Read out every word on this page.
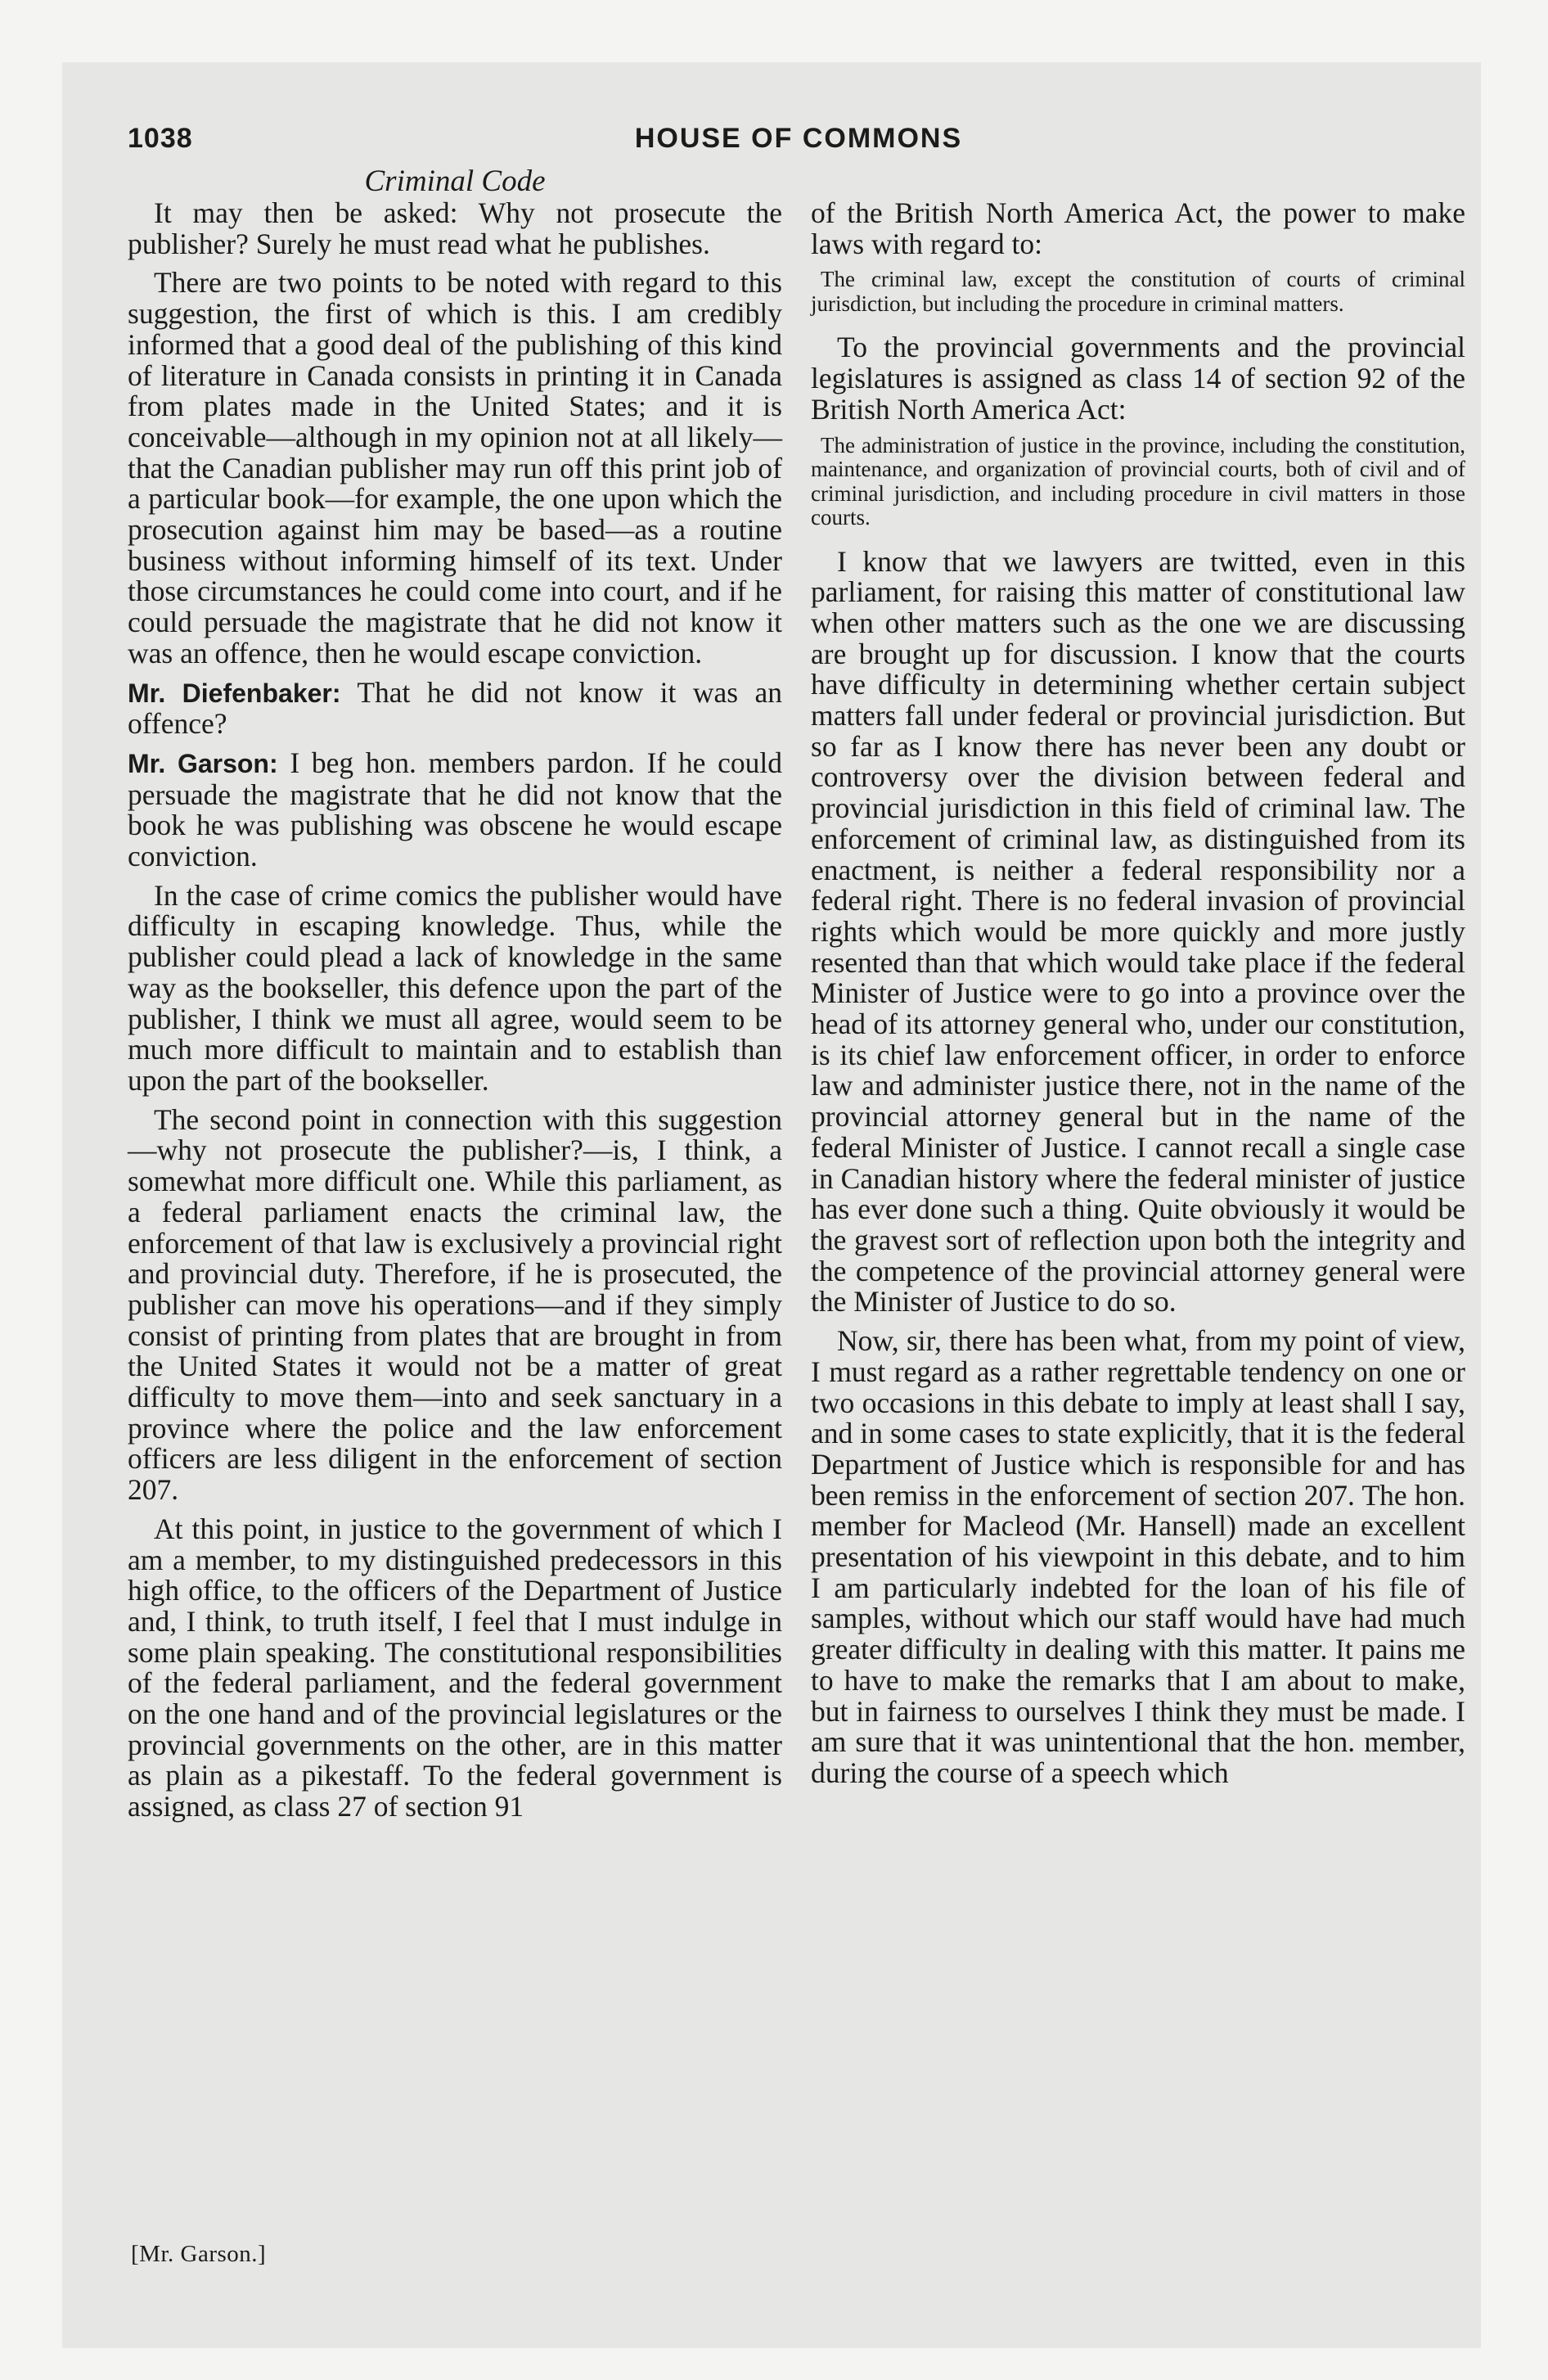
1038	HOUSE OF COMMONS
Criminal Code

It may then be asked: Why not prosecute the publisher? Surely he must read what he publishes.

There are two points to be noted with regard to this suggestion, the first of which is this. I am credibly informed that a good deal of the publishing of this kind of literature in Canada consists in printing it in Canada from plates made in the United States; and it is conceivable—although in my opinion not at all likely—that the Canadian publisher may run off this print job of a particular book—for example, the one upon which the prosecution against him may be based—as a routine business without informing himself of its text. Under those circumstances he could come into court, and if he could persuade the magistrate that he did not know it was an offence, then he would escape conviction.

Mr. Diefenbaker: That he did not know it was an offence?

Mr. Garson: I beg hon. members pardon. If he could persuade the magistrate that he did not know that the book he was publishing was obscene he would escape conviction.

In the case of crime comics the publisher would have difficulty in escaping knowledge. Thus, while the publisher could plead a lack of knowledge in the same way as the bookseller, this defence upon the part of the publisher, I think we must all agree, would seem to be much more difficult to maintain and to establish than upon the part of the bookseller.

The second point in connection with this suggestion—why not prosecute the publisher?—is, I think, a somewhat more difficult one. While this parliament, as a federal parliament enacts the criminal law, the enforcement of that law is exclusively a provincial right and provincial duty. Therefore, if he is prosecuted, the publisher can move his operations—and if they simply consist of printing from plates that are brought in from the United States it would not be a matter of great difficulty to move them—into and seek sanctuary in a province where the police and the law enforcement officers are less diligent in the enforcement of section 207.

At this point, in justice to the government of which I am a member, to my distinguished predecessors in this high office, to the officers of the Department of Justice and, I think, to truth itself, I feel that I must indulge in some plain speaking. The constitutional responsibilities of the federal parliament, and the federal government on the one hand and of the provincial legislatures or the provincial governments on the other, are in this matter as plain as a pikestaff. To the federal government is assigned, as class 27 of section 91

of the British North America Act, the power to make laws with regard to:

The criminal law, except the constitution of courts of criminal jurisdiction, but including the procedure in criminal matters.

To the provincial governments and the provincial legislatures is assigned as class 14 of section 92 of the British North America Act:

The administration of justice in the province, including the constitution, maintenance, and organization of provincial courts, both of civil and of criminal jurisdiction, and including procedure in civil matters in those courts.

I know that we lawyers are twitted, even in this parliament, for raising this matter of constitutional law when other matters such as the one we are discussing are brought up for discussion. I know that the courts have difficulty in determining whether certain subject matters fall under federal or provincial jurisdiction. But so far as I know there has never been any doubt or controversy over the division between federal and provincial jurisdiction in this field of criminal law. The enforcement of criminal law, as distinguished from its enactment, is neither a federal responsibility nor a federal right. There is no federal invasion of provincial rights which would be more quickly and more justly resented than that which would take place if the federal Minister of Justice were to go into a province over the head of its attorney general who, under our constitution, is its chief law enforcement officer, in order to enforce law and administer justice there, not in the name of the provincial attorney general but in the name of the federal Minister of Justice. I cannot recall a single case in Canadian history where the federal minister of justice has ever done such a thing. Quite obviously it would be the gravest sort of reflection upon both the integrity and the competence of the provincial attorney general were the Minister of Justice to do so.

Now, sir, there has been what, from my point of view, I must regard as a rather regrettable tendency on one or two occasions in this debate to imply at least shall I say, and in some cases to state explicitly, that it is the federal Department of Justice which is responsible for and has been remiss in the enforcement of section 207. The hon. member for Macleod (Mr. Hansell) made an excellent presentation of his viewpoint in this debate, and to him I am particularly indebted for the loan of his file of samples, without which our staff would have had much greater difficulty in dealing with this matter. It pains me to have to make the remarks that I am about to make, but in fairness to ourselves I think they must be made. I am sure that it was unintentional that the hon. member, during the course of a speech which

[Mr. Garson.]
